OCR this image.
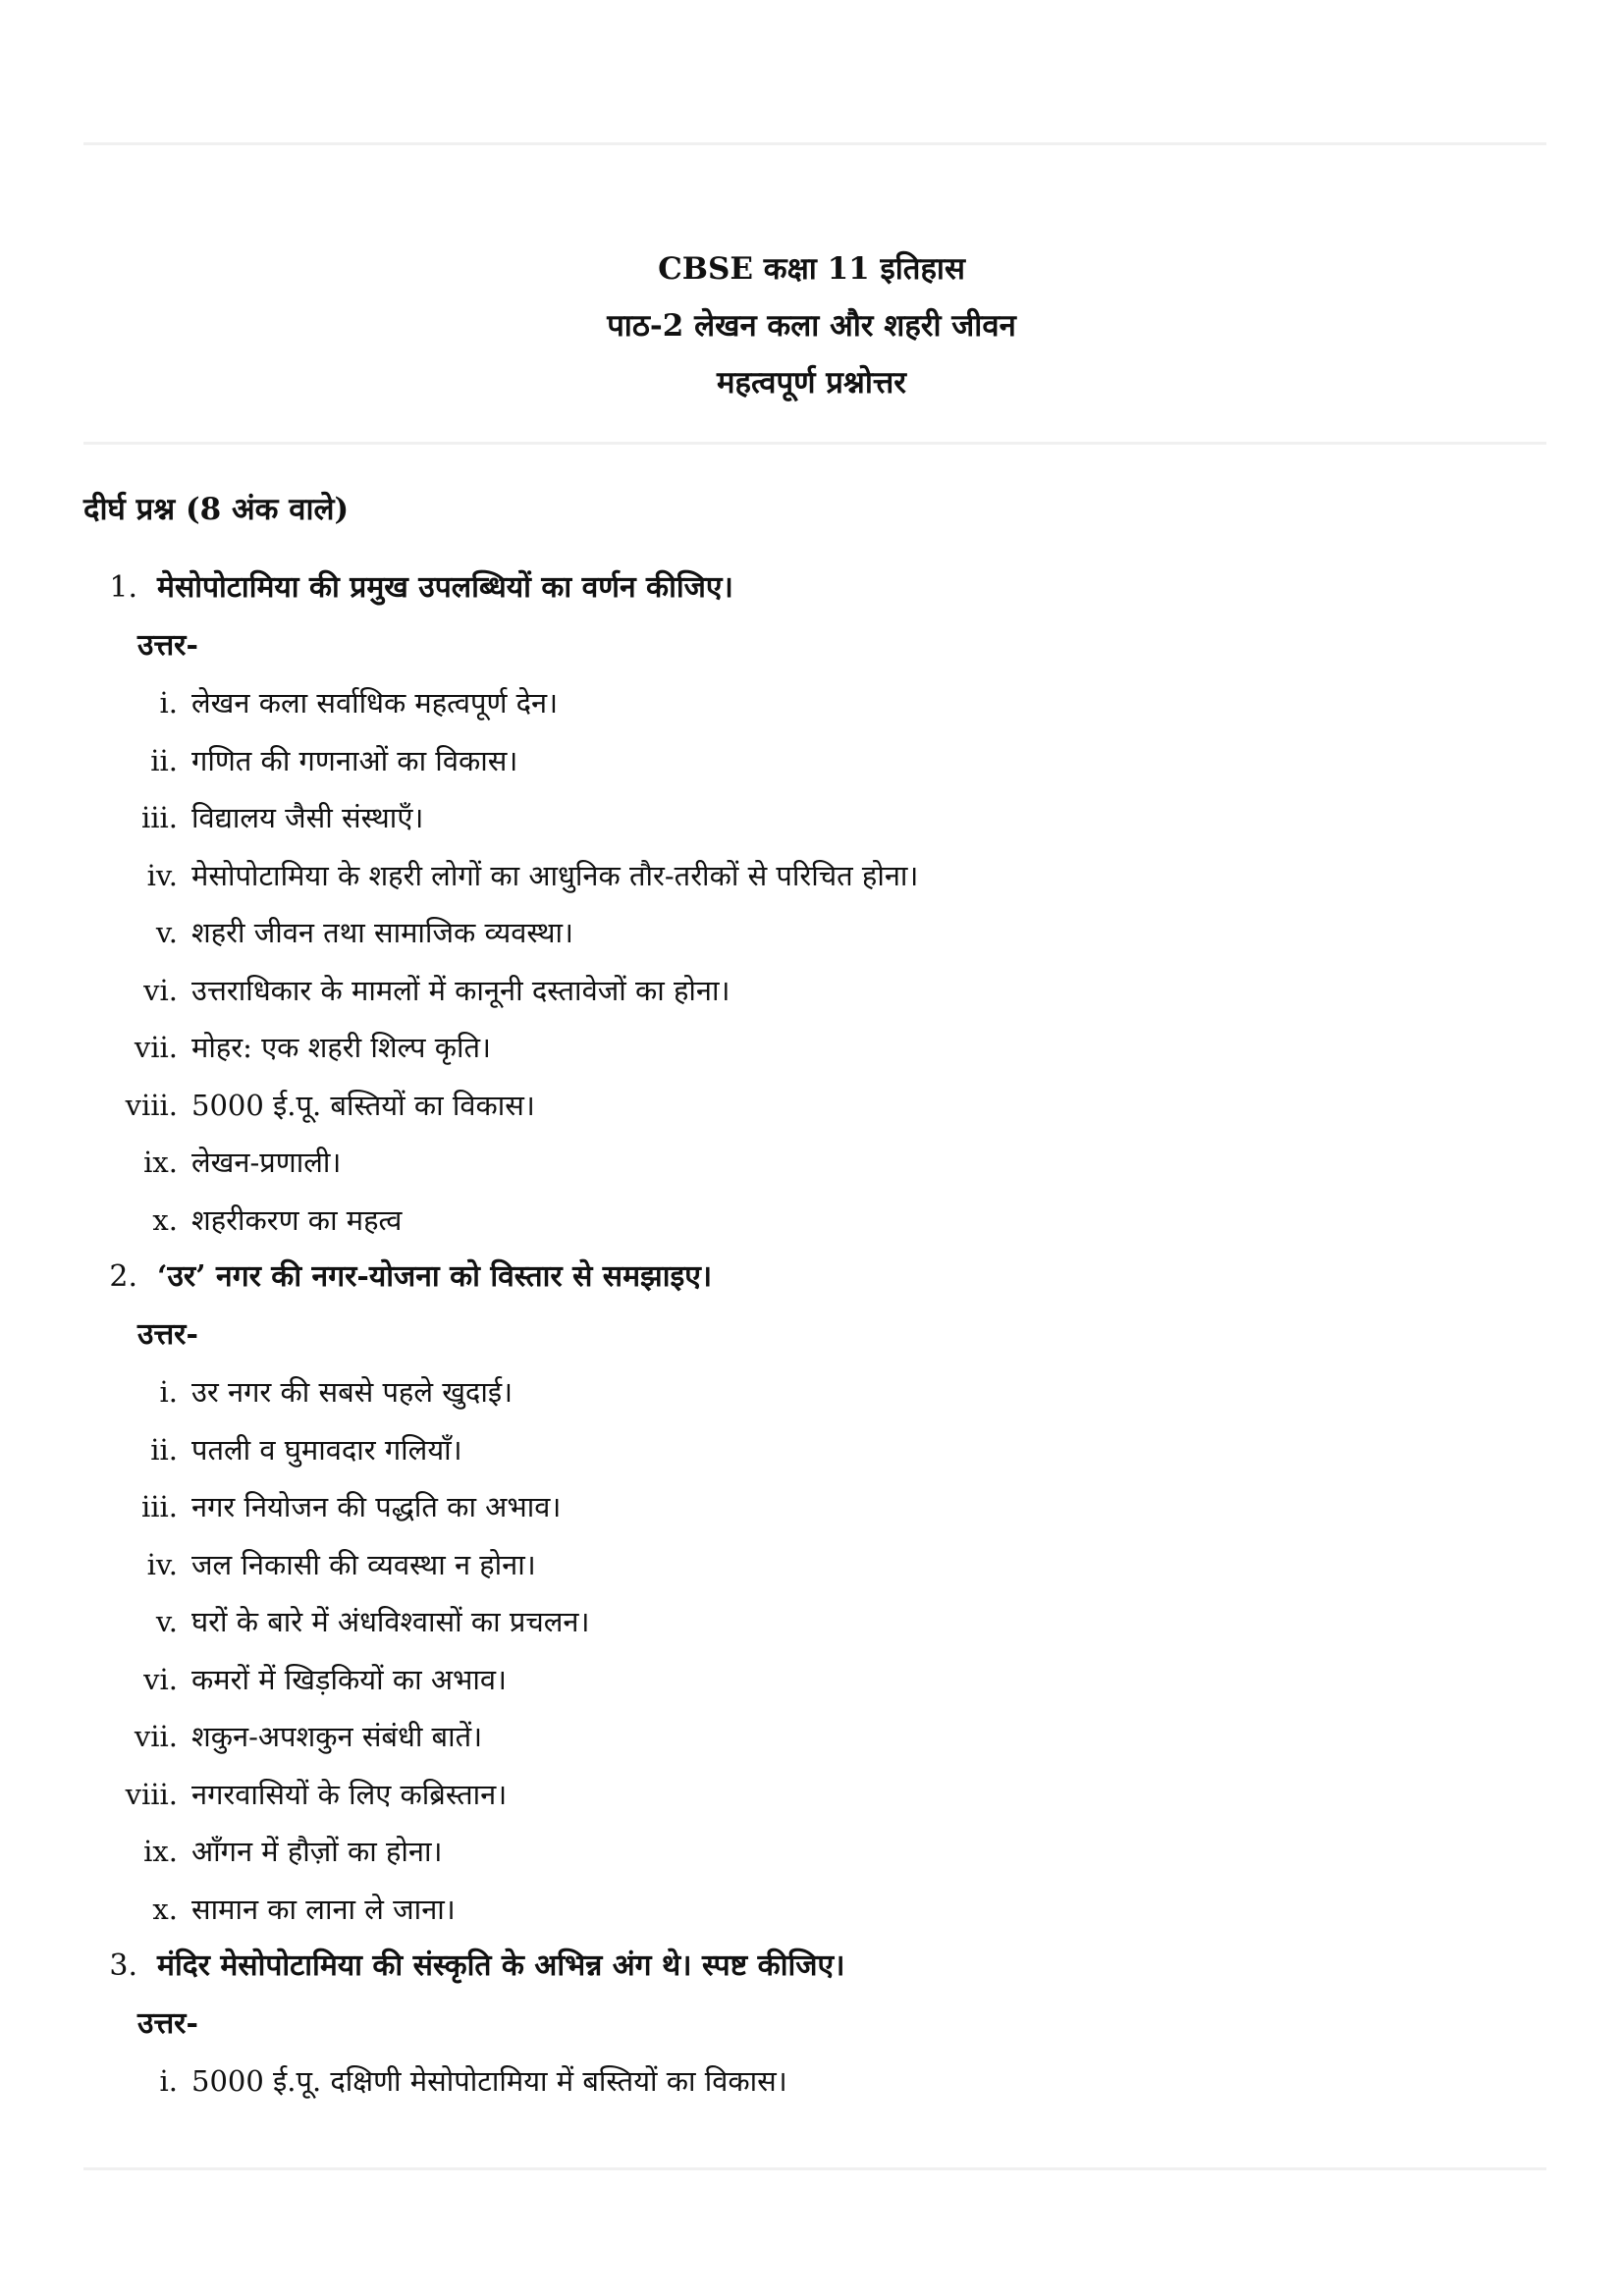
CBSE कक्षा 11 इतिहास
पाठ-2 लेखन कला और शहरी जीवन
महत्वपूर्ण प्रश्नोत्तर
दीर्घ प्रश्न (8 अंक वाले)
1. मेसोपोटामिया की प्रमुख उपलब्धियों का वर्णन कीजिए।
उत्तर-
i. लेखन कला सर्वाधिक महत्वपूर्ण देन।
ii. गणित की गणनाओं का विकास।
iii. विद्यालय जैसी संस्थाएँ।
iv. मेसोपोटामिया के शहरी लोगों का आधुनिक तौर-तरीकों से परिचित होना।
v. शहरी जीवन तथा सामाजिक व्यवस्था।
vi. उत्तराधिकार के मामलों में कानूनी दस्तावेजों का होना।
vii. मोहर: एक शहरी शिल्प कृति।
viii. 5000 ई.पू. बस्तियों का विकास।
ix. लेखन-प्रणाली।
x. शहरीकरण का महत्व
2. ‘उर’ नगर की नगर-योजना को विस्तार से समझाइए।
उत्तर-
i. उर नगर की सबसे पहले खुदाई।
ii. पतली व घुमावदार गलियाँ।
iii. नगर नियोजन की पद्धति का अभाव।
iv. जल निकासी की व्यवस्था न होना।
v. घरों के बारे में अंधविश्वासों का प्रचलन।
vi. कमरों में खिड़कियों का अभाव।
vii. शकुन-अपशकुन संबंधी बातें।
viii. नगरवासियों के लिए कब्रिस्तान।
ix. आँगन में हौज़ों का होना।
x. सामान का लाना ले जाना।
3. मंदिर मेसोपोटामिया की संस्कृति के अभिन्न अंग थे। स्पष्ट कीजिए।
उत्तर-
i. 5000 ई.पू. दक्षिणी मेसोपोटामिया में बस्तियों का विकास।
